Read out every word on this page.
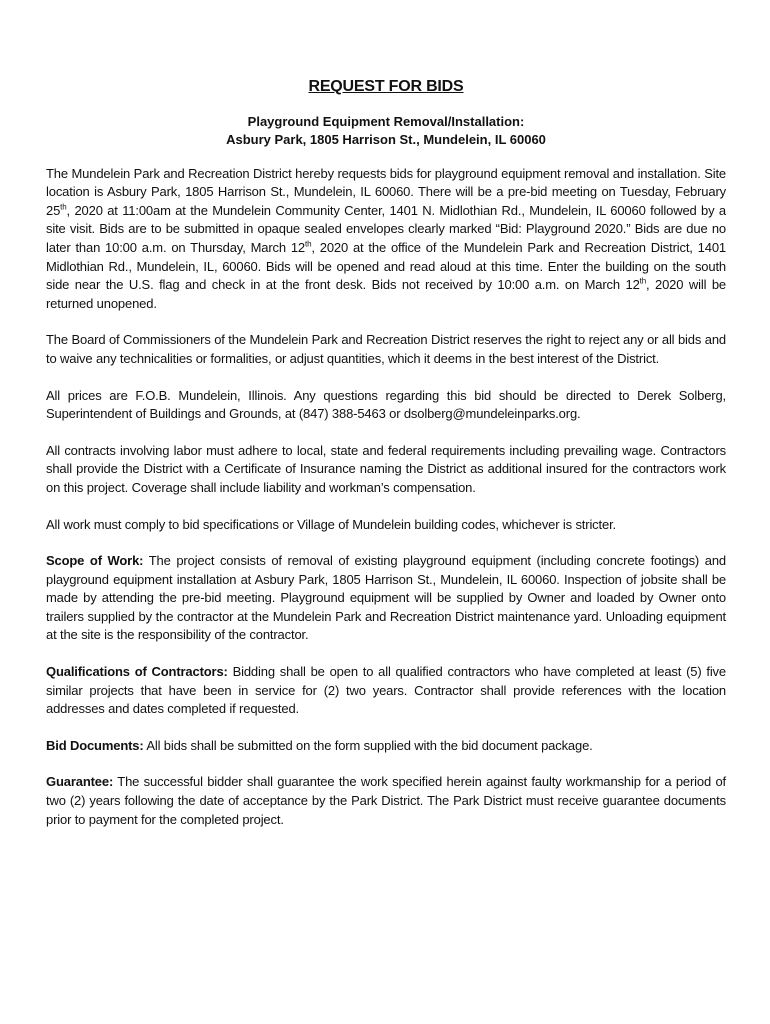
REQUEST FOR BIDS
Playground Equipment Removal/Installation:
Asbury Park, 1805 Harrison St., Mundelein, IL 60060

The Mundelein Park and Recreation District hereby requests bids for playground equipment removal and installation. Site location is Asbury Park, 1805 Harrison St., Mundelein, IL 60060. There will be a pre-bid meeting on Tuesday, February 25th, 2020 at 11:00am at the Mundelein Community Center, 1401 N. Midlothian Rd., Mundelein, IL 60060 followed by a site visit. Bids are to be submitted in opaque sealed envelopes clearly marked “Bid: Playground 2020.” Bids are due no later than 10:00 a.m. on Thursday, March 12th, 2020 at the office of the Mundelein Park and Recreation District, 1401 Midlothian Rd., Mundelein, IL, 60060. Bids will be opened and read aloud at this time. Enter the building on the south side near the U.S. flag and check in at the front desk. Bids not received by 10:00 a.m. on March 12th, 2020 will be returned unopened.

The Board of Commissioners of the Mundelein Park and Recreation District reserves the right to reject any or all bids and to waive any technicalities or formalities, or adjust quantities, which it deems in the best interest of the District.

All prices are F.O.B. Mundelein, Illinois. Any questions regarding this bid should be directed to Derek Solberg, Superintendent of Buildings and Grounds, at (847) 388-5463 or dsolberg@mundeleinparks.org.

All contracts involving labor must adhere to local, state and federal requirements including prevailing wage. Contractors shall provide the District with a Certificate of Insurance naming the District as additional insured for the contractors work on this project. Coverage shall include liability and workman’s compensation.

All work must comply to bid specifications or Village of Mundelein building codes, whichever is stricter.

Scope of Work: The project consists of removal of existing playground equipment (including concrete footings) and playground equipment installation at Asbury Park, 1805 Harrison St., Mundelein, IL 60060. Inspection of jobsite shall be made by attending the pre-bid meeting. Playground equipment will be supplied by Owner and loaded by Owner onto trailers supplied by the contractor at the Mundelein Park and Recreation District maintenance yard. Unloading equipment at the site is the responsibility of the contractor.

Qualifications of Contractors: Bidding shall be open to all qualified contractors who have completed at least (5) five similar projects that have been in service for (2) two years. Contractor shall provide references with the location addresses and dates completed if requested.

Bid Documents: All bids shall be submitted on the form supplied with the bid document package.

Guarantee: The successful bidder shall guarantee the work specified herein against faulty workmanship for a period of two (2) years following the date of acceptance by the Park District. The Park District must receive guarantee documents prior to payment for the completed project.
